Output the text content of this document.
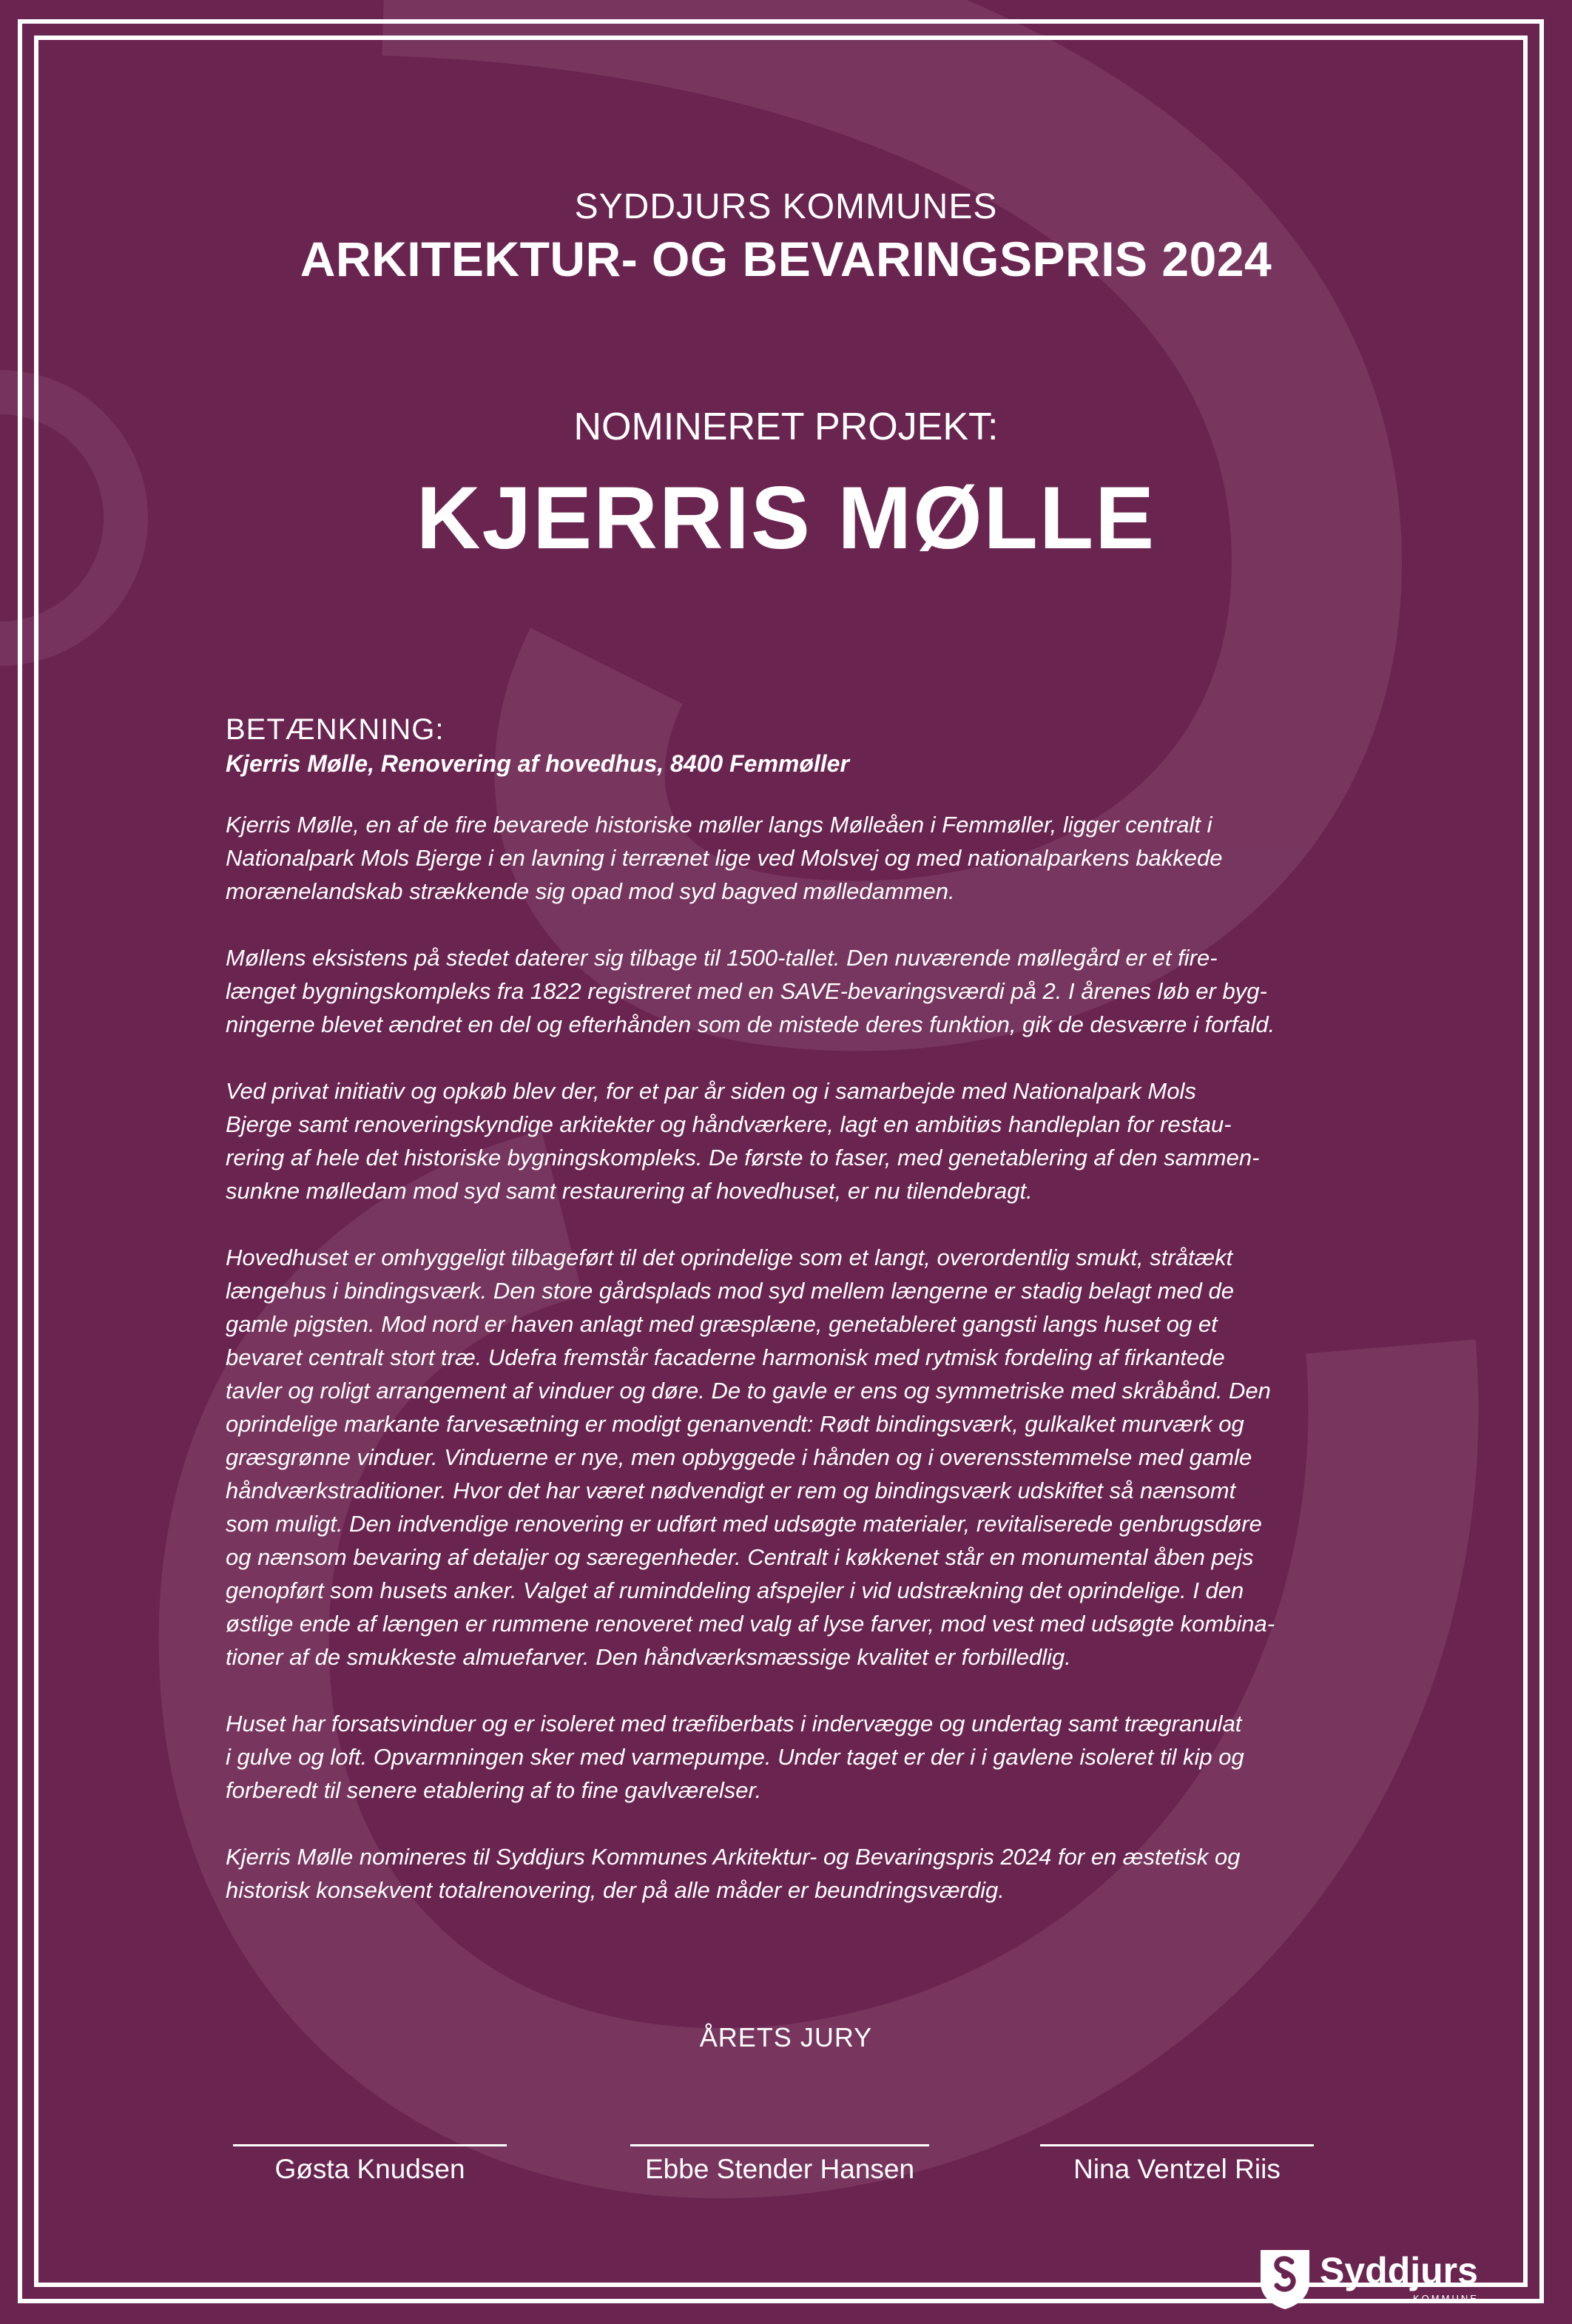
SYDDJURS KOMMUNES
ARKITEKTUR- OG BEVARINGSPRIS 2024
NOMINERET PROJEKT:
KJERRIS MØLLE
BETÆNKNING:
Kjerris Mølle, Renovering af hovedhus, 8400 Femmøller

Kjerris Mølle, en af de fire bevarede historiske møller langs Mølleåen i Femmøller, ligger centralt i
Nationalpark Mols Bjerge i en lavning i terrænet lige ved Molsvej og med nationalparkens bakkede
morænelandskab strækkende sig opad mod syd bagved mølledammen.

Møllens eksistens på stedet daterer sig tilbage til 1500-tallet. Den nuværende møllegård er et fire-
længet bygningskompleks fra 1822 registreret med en SAVE-bevaringsværdi på 2. I årenes løb er byg-
ningerne blevet ændret en del og efterhånden som de mistede deres funktion, gik de desværre i forfald.

Ved privat initiativ og opkøb blev der, for et par år siden og i samarbejde med Nationalpark Mols
Bjerge samt renoveringskyndige arkitekter og håndværkere, lagt en ambitiøs handleplan for restau-
rering af hele det historiske bygningskompleks. De første to faser, med genetablering af den sammen-
sunkne mølledam mod syd samt restaurering af hovedhuset, er nu tilendebragt.

Hovedhuset er omhyggeligt tilbageført til det oprindelige som et langt, overordentlig smukt, stråtækt
længehus i bindingsværk. Den store gårdsplads mod syd mellem længerne er stadig belagt med de
gamle pigsten. Mod nord er haven anlagt med græsplæne, genetableret gangsti langs huset og et
bevaret centralt stort træ. Udefra fremstår facaderne harmonisk med rytmisk fordeling af firkantede
tavler og roligt arrangement af vinduer og døre. De to gavle er ens og symmetriske med skråbånd. Den
oprindelige markante farvesætning er modigt genanvendt: Rødt bindingsværk, gulkalket murværk og
græsgrønne vinduer. Vinduerne er nye, men opbyggede i hånden og i overensstemmelse med gamle
håndværkstraditioner. Hvor det har været nødvendigt er rem og bindingsværk udskiftet så nænsomt
som muligt. Den indvendige renovering er udført med udsøgte materialer, revitaliserede genbrugsdøre
og nænsom bevaring af detaljer og særegenheder. Centralt i køkkenet står en monumental åben pejs
genopført som husets anker. Valget af ruminddeling afspejler i vid udstrækning det oprindelige. I den
østlige ende af længen er rummene renoveret med valg af lyse farver, mod vest med udsøgte kombina-
tioner af de smukkeste almuefarver. Den håndværksmæssige kvalitet er forbilledlig.

Huset har forsatsvinduer og er isoleret med træfiberbats i indervægge og undertag samt trægranulat
i gulve og loft. Opvarmningen sker med varmepumpe. Under taget er der i i gavlene isoleret til kip og
forberedt til senere etablering af to fine gavlværelser.

Kjerris Mølle nomineres til Syddjurs Kommunes Arkitektur- og Bevaringspris 2024 for en æstetisk og
historisk konsekvent totalrenovering, der på alle måder er beundringsværdig.

ÅRETS JURY
Gøsta Knudsen	Ebbe Stender Hansen	Nina Ventzel Riis
Syddjurs
KOMMUNE
